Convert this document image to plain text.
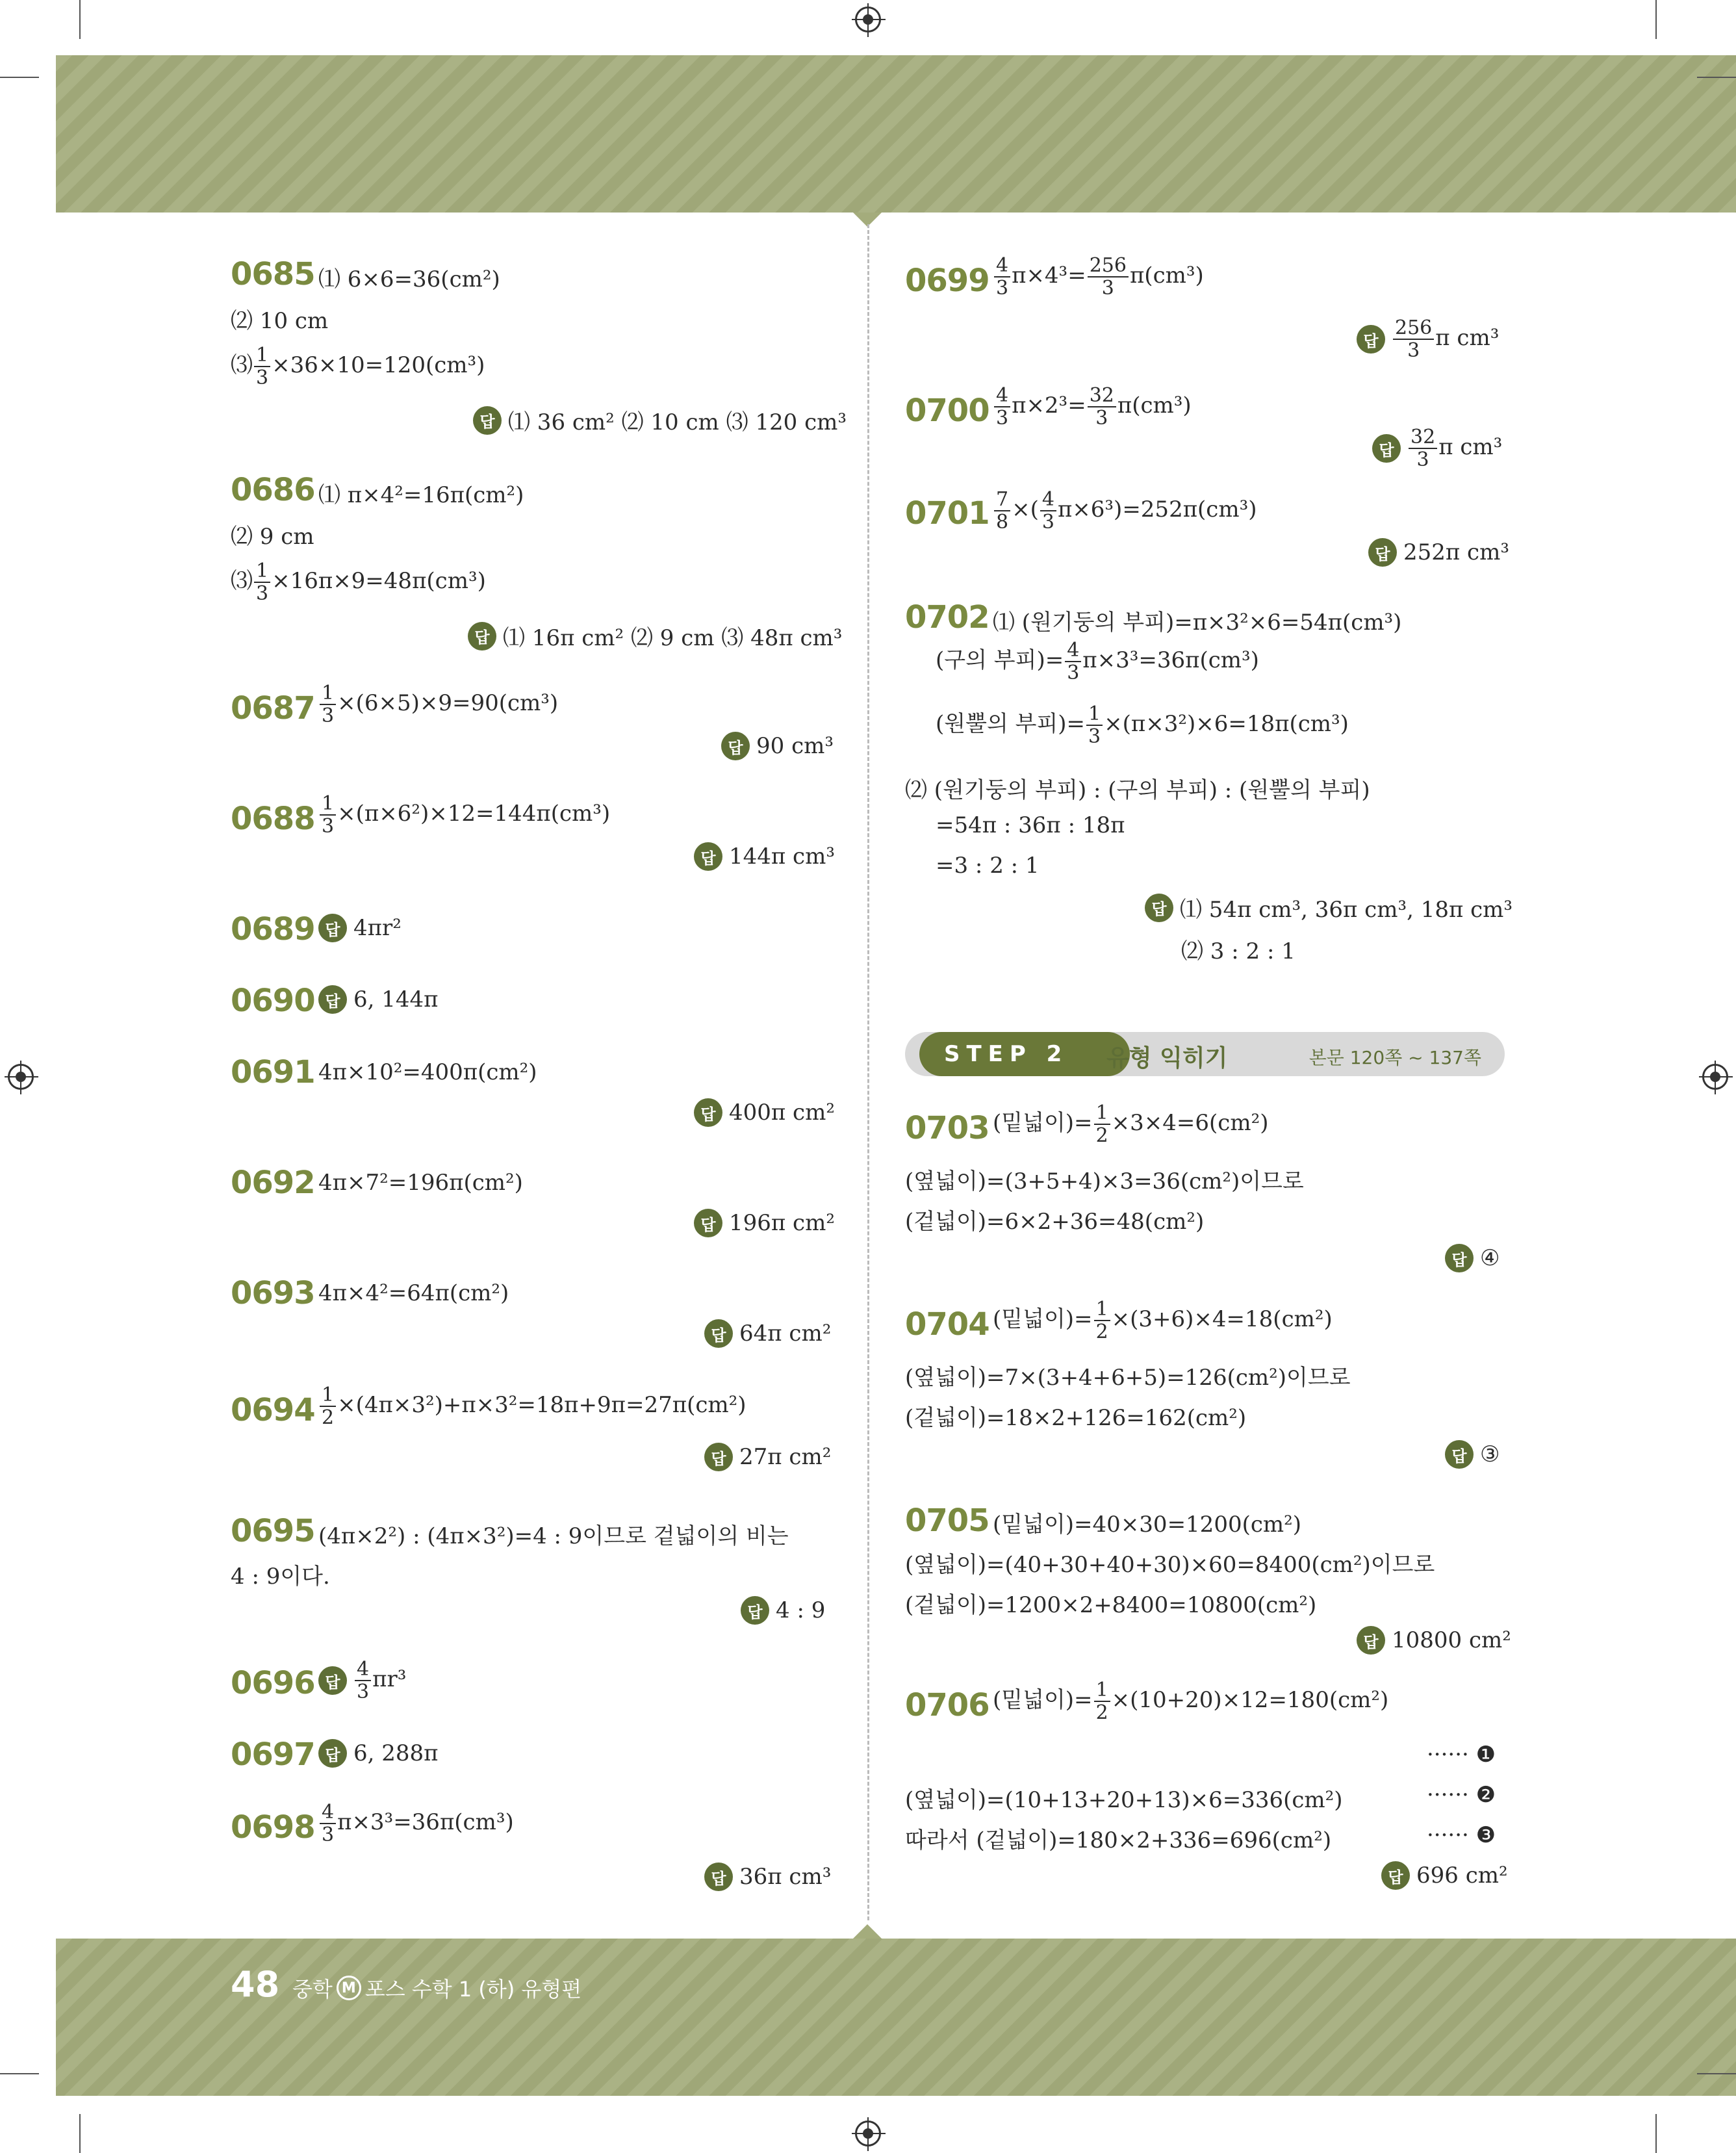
0685 ⑴ 6×6=36(cm²)
⑵ 10 cm
⑶ $\frac{1}{3} \times 36\times 10=120(cm^3)$
답 ⑴ 36 cm² ⑵ 10 cm ⑶ 120 cm³
0686 ⑴ π×4²=16π(cm²)
⑵ 9 cm
⑶ $\frac{1}{3} \times 16\pi\times 9=48\pi(cm^3)$
답 ⑴ 16π cm² ⑵ 9 cm ⑶ 48π cm³
$0687 \frac{1}{3} \times(6\times 5)\times 9=90(cm^3)$
답 90 cm³
$0688 \frac{1}{3} \times(\pi\times 6^2)\times 12=144\pi(cm^3)$
답 144π cm³
0689 답 4πr²
0690 답 6, 144π
0691 4π×10²=400π(cm²)
답 400π cm²
0692 4π×7²=196π(cm²)
답 196π cm²
0693 4π×4²=64π(cm²)
답 64π cm²
$0694 \frac{1}{2} \times(4\pi\times 3^2)+\pi\times 3^2=18\pi+9\pi=27\pi(cm^2)$
답 27π cm²
0695 (4π×2²) : (4π×3²)=4 : 9이므로 겉넓이의 비는
4 : 9이다.
답 4 : 9
0696 답 $\frac{4}{3} \pi r^3$
0697 답 6, 288π
$0698 \frac{4}{3} \pi\times 3^3=36\pi(cm^3)$
답 36π cm³
$0699 \frac{4}{3} \pi\times 4^3= \frac{256}{3} \pi(cm^3)$
답 $\frac{256}{3}$ π cm³
$0700 \frac{4}{3} \pi\times 2^3= \frac{32}{3} \pi(cm^3)$
답 $\frac{32}{3}$ π cm³
$0701 \frac{7}{8}$ ×( $\frac{4}{3} \pi\times 6^3)=252\pi(cm^3)$
답 252π cm³
0702 ⑴ (원기둥의 부피)=π×3²×6=54π(cm³)
(구의 부피)= $\frac{4}{3} \pi\times 3^3=36\pi(cm^3)$
(원뿔의 부피)= $\frac{1}{3} \times(\pi\times 3^2)\times 6=18\pi(cm^3)$
⑵ (원기둥의 부피) : (구의 부피) : (원뿔의 부피)
=54π : 36π : 18π
=3 : 2 : 1
답 ⑴ 54π cm³, 36π cm³, 18π cm³
⑵ 3 : 2 : 1
STEP 2	유형 익히기	본문 120쪽 ~ 137쪽
0703 (밑넓이)= $\frac{1}{2} \times 3\times 4=6(cm^2)$
(옆넓이)=(3+5+4)×3=36(cm²)이므로
(겉넓이)=6×2+36=48(cm²)
답 ④
0704 (밑넓이)= $\frac{1}{2} \times(3+6)\times 4=18(cm^2)$
(옆넓이)=7×(3+4+6+5)=126(cm²)이므로
(겉넓이)=18×2+126=162(cm²)
답 ③
0705 (밑넓이)=40×30=1200(cm²)
(옆넓이)=(40+30+40+30)×60=8400(cm²)이므로
(겉넓이)=1200×2+8400=10800(cm²)
답 10800 cm²
0706 (밑넓이)= $\frac{1}{2} \times(10+20)\times 12=180(cm^2)$
······ ❶
(옆넓이)=(10+13+20+13)×6=336(cm²)	······ ❷
따라서 (겉넓이)=180×2+336=696(cm²)	······ ❸
답 696 cm²
48 중학 M 포스 수학 1 (하) 유형편
